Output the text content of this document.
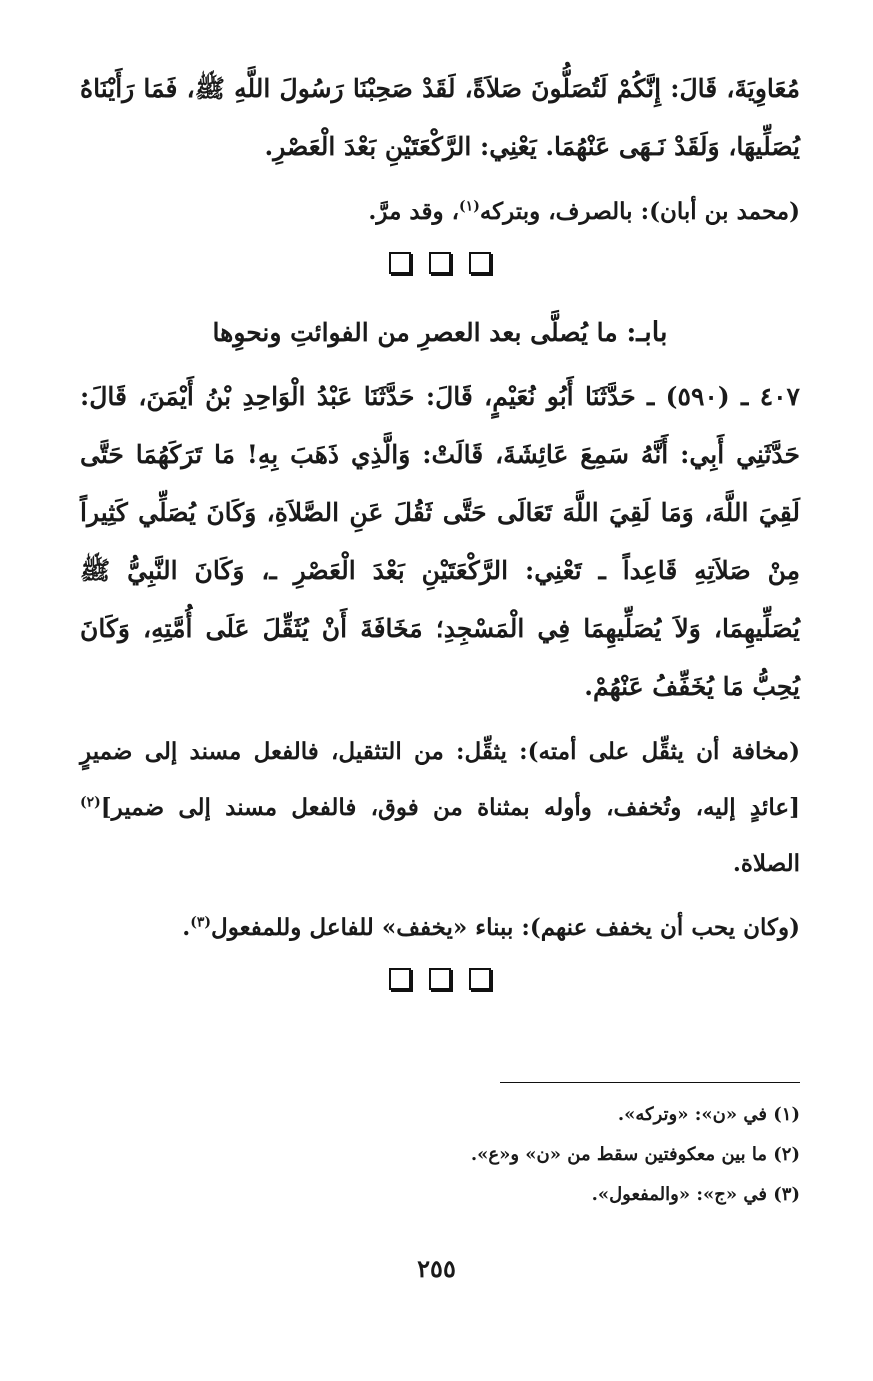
مُعَاوِيَةَ، قَالَ: إِنَّكُمْ لَتُصَلُّونَ صَلاَةً، لَقَدْ صَحِبْنَا رَسُولَ اللَّهِ ﷺ، فَمَا رَأَيْنَاهُ يُصَلِّيهَا، وَلَقَدْ نَـهَى عَنْهُمَا. يَعْنِي: الرَّكْعَتَيْنِ بَعْدَ الْعَصْرِ.

(محمد بن أبان): بالصرف، وبتركه$^{(١)}$، وقد مرَّ.

بابـ: ما يُصلَّى بعد العصرِ من الفوائتِ ونحوِها

٤٠٧ ـ (٥٩٠) ـ حَدَّثَنَا أَبُو نُعَيْمٍ، قَالَ: حَدَّثَنَا عَبْدُ الْوَاحِدِ بْنُ أَيْمَنَ، قَالَ: حَدَّثَنِي أَبِي: أَنَّهُ سَمِعَ عَائِشَةَ، قَالَتْ: وَالَّذِي ذَهَبَ بِهِ! مَا تَرَكَهُمَا حَتَّى لَقِيَ اللَّهَ، وَمَا لَقِيَ اللَّهَ تَعَالَى حَتَّى ثَقُلَ عَنِ الصَّلاَةِ، وَكَانَ يُصَلِّي كَثِيراً مِنْ صَلاَتِهِ قَاعِداً ـ تَعْنِي: الرَّكْعَتَيْنِ بَعْدَ الْعَصْرِ ـ، وَكَانَ النَّبِيُّ ﷺ يُصَلِّيهِمَا، وَلاَ يُصَلِّيهِمَا فِي الْمَسْجِدِ؛ مَخَافَةَ أَنْ يُثَقِّلَ عَلَى أُمَّتِهِ، وَكَانَ يُحِبُّ مَا يُخَفِّفُ عَنْهُمْ.

(مخافة أن يثقِّل على أمته): يثقِّل: من التثقيل، فالفعل مسند إلى ضميرٍ [عائدٍ إليه، وتُخفف، وأوله بمثناة من فوق، فالفعل مسند إلى ضمير]$^{(٢)}$ الصلاة.

(وكان يحب أن يخفف عنهم): ببناء «يخفف» للفاعل وللمفعول$^{(٣)}$.

(١) في «ن»: «وتركه».
(٢) ما بين معكوفتين سقط من «ن» و«ع».
(٣) في «ج»: «والمفعول».
٢٥٥
